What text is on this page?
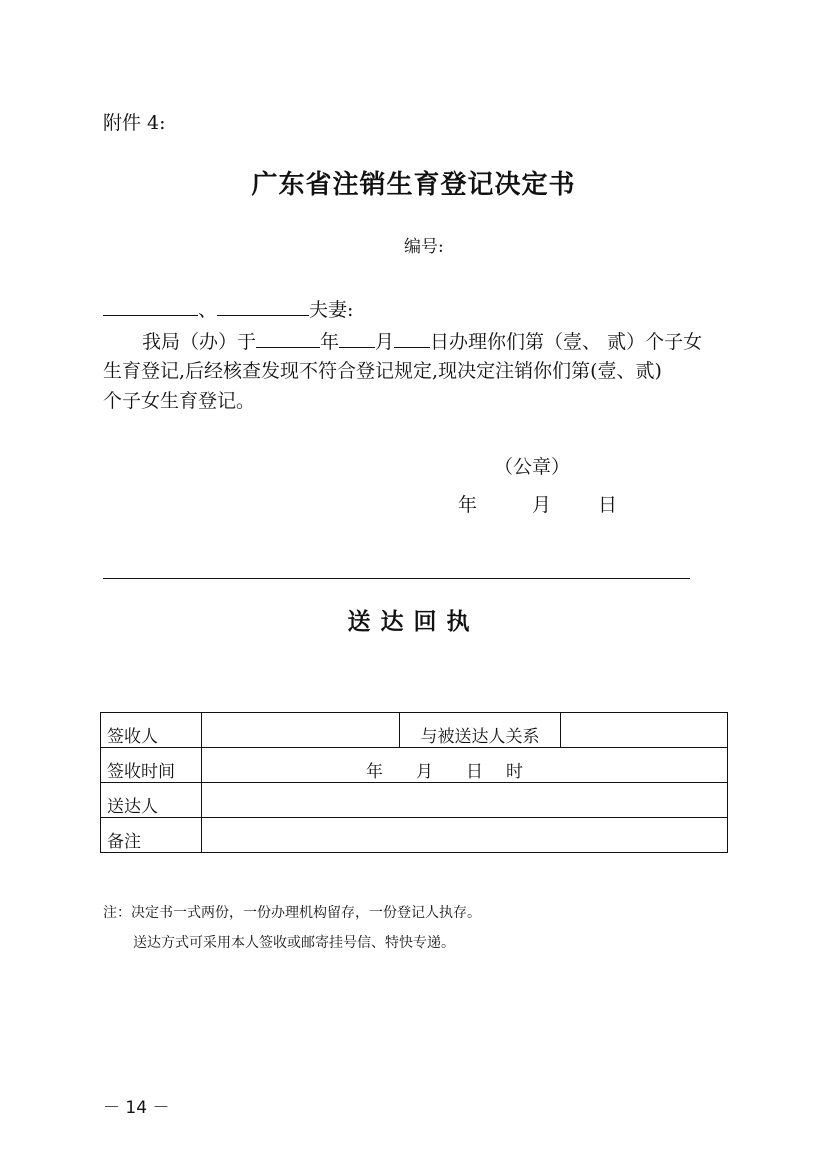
附件 4:
广东省注销生育登记决定书
编号:
、	夫妻:
我局（办）于	年 月 日办理你们第（壹、 贰）个子女
生育登记,后经核查发现不符合登记规定,现决定注销你们第(壹、贰)
个子女生育登记。
（公章）
年	月 日
送达回执
签收人		与被送达人关系	
签收时间	年 月 日 时		
送达人			
备注			
注：决定书一式两份，一份办理机构留存，一份登记人执存。
送达方式可采用本人签收或邮寄挂号信、特快专递。
－ 14 －
